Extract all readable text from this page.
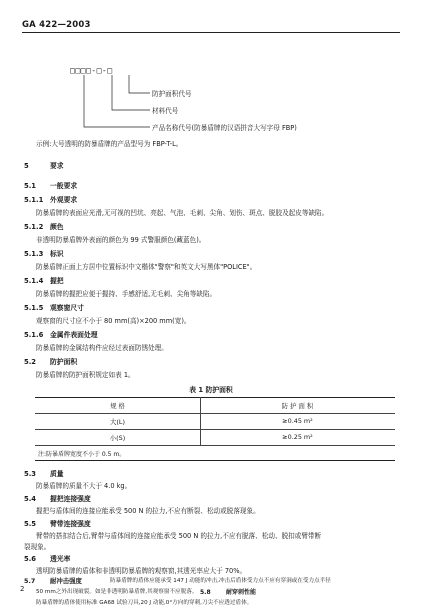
GA 422—2003
□□□□-□-□
防护面积代号
材料代号
产品名称代号(防暴盾牌的汉语拼音大写字母 FBP)
示例:大号透明的防暴盾牌的产品型号为 FBP-T-L。
5	要求
5.1 一般要求
5.1.1 外观要求
防暴盾牌的表面应光滑,无可视的凹坑、亮起、气泡、毛刺、尖角、划伤、斑点、脱胶及起皮等缺陷。
5.1.2 颜色
非透明防暴盾牌外表面的颜色为 99 式警服颜色(藏蓝色)。
5.1.3 标识
防暴盾牌正面上方居中位置标识中文楷体"警察"和英文大写黑体"POLICE"。
5.1.4 握把
防暴盾牌的握把应便于握持、手感舒适,无毛刺、尖角等缺陷。
5.1.5 观察窗尺寸
观察窗的尺寸应不小于 80 mm(高)×200 mm(宽)。
5.1.6 金属件表面处理
防暴盾牌的金属结构件应经过表面防锈处理。
5.2 防护面积
防暴盾牌的防护面积规定如表 1。
表 1 防护面积
规 格	防 护 面 积
大(L)	≥0.45 m²
小(S)	≥0.25 m²
注:防暴盾牌宽度不小于 0.5 m。
5.3 质量
防暴盾牌的质量不大于 4.0 kg。
5.4 握把连接强度
握把与盾体间的连接应能承受 500 N 的拉力,不应有断裂、松动或脱落现象。
5.5 臂带连接强度
臂带的搭扣结合后,臂带与盾体间的连接应能承受 500 N 的拉力,不应有脱落、松动、脱扣或臂带断
裂现象。
5.6 透光率
透明防暴盾牌的盾体和非透明防暴盾牌的观察窗,其透光率应大于 70%。
2
5.7 耐冲击强度	防暴盾牌的盾体应能承受 147 J 动能的冲击,冲击后盾体受力点不应有穿洞或在受力点半径
50 mm之外出现破裂。如是非透明防暴盾牌,其观察窗不应脱落。 5.8	耐穿刺性能
防暴盾牌的盾体使用标准 GA68 试验刀具,20 J 动能,0°方向的穿刺,刀尖不应透过盾体。
